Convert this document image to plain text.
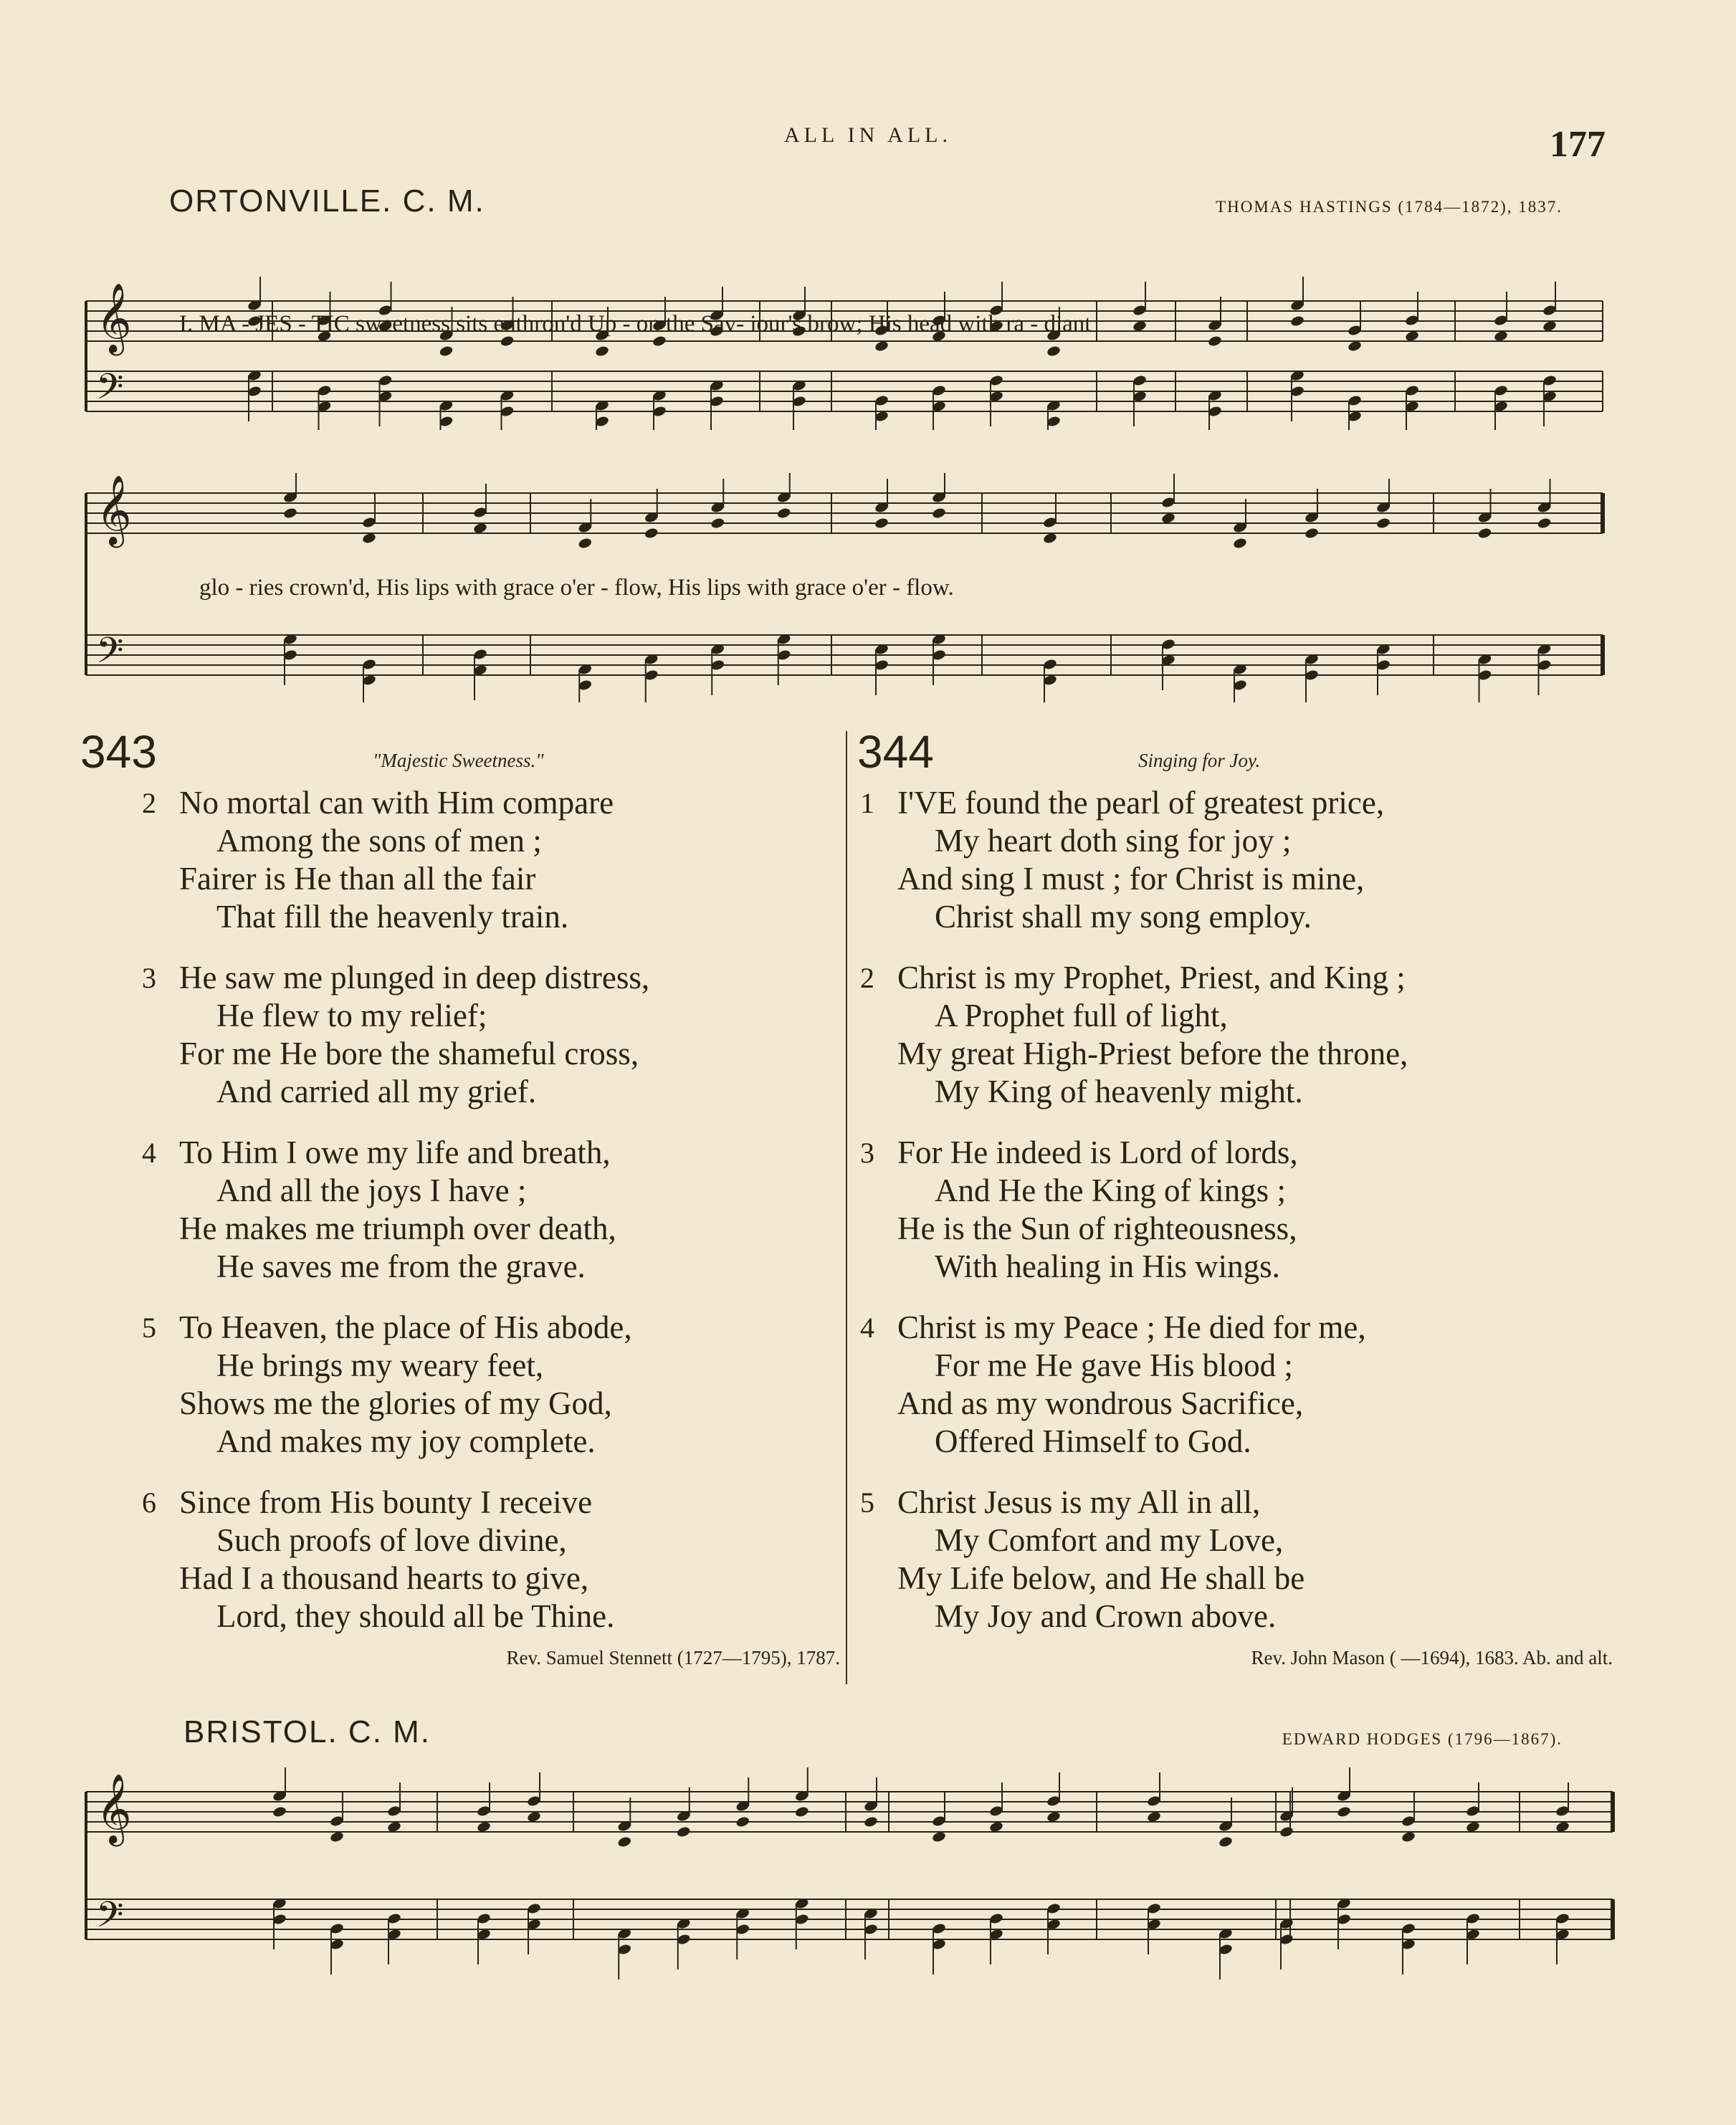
ALL IN ALL.	177
ORTONVILLE. C. M.	THOMAS HASTINGS (1784—1872), 1837.
𝄞
𝄢
I. MA - JES - TIC sweetness sits enthron'd Up - on the Sav- iour's brow; His head with ra - diant
𝄞
𝄢
glo - ries crown'd, His lips with grace o'er - flow, His lips with grace o'er - flow.
343	"Majestic Sweetness."
2 No mortal can with Him compare
Among the sons of men ;
Fairer is He than all the fair
That fill the heavenly train.
3 He saw me plunged in deep distress,
He flew to my relief;
For me He bore the shameful cross,
And carried all my grief.
4 To Him I owe my life and breath,
And all the joys I have ;
He makes me triumph over death,
He saves me from the grave.
5 To Heaven, the place of His abode,
He brings my weary feet,
Shows me the glories of my God,
And makes my joy complete.
6 Since from His bounty I receive
Such proofs of love divine,
Had I a thousand hearts to give,
Lord, they should all be Thine.
Rev. Samuel Stennett (1727—1795), 1787.
344	Singing for Joy.
1 I'VE found the pearl of greatest price,
My heart doth sing for joy ;
And sing I must ; for Christ is mine,
Christ shall my song employ.
2 Christ is my Prophet, Priest, and King ;
A Prophet full of light,
My great High-Priest before the throne,
My King of heavenly might.
3 For He indeed is Lord of lords,
And He the King of kings ;
He is the Sun of righteousness,
With healing in His wings.
4 Christ is my Peace ; He died for me,
For me He gave His blood ;
And as my wondrous Sacrifice,
Offered Himself to God.
5 Christ Jesus is my All in all,
My Comfort and my Love,
My Life below, and He shall be
My Joy and Crown above.
Rev. John Mason ( —1694), 1683. Ab. and alt.
BRISTOL. C. M.	EDWARD HODGES (1796—1867).
𝄞
𝄢
